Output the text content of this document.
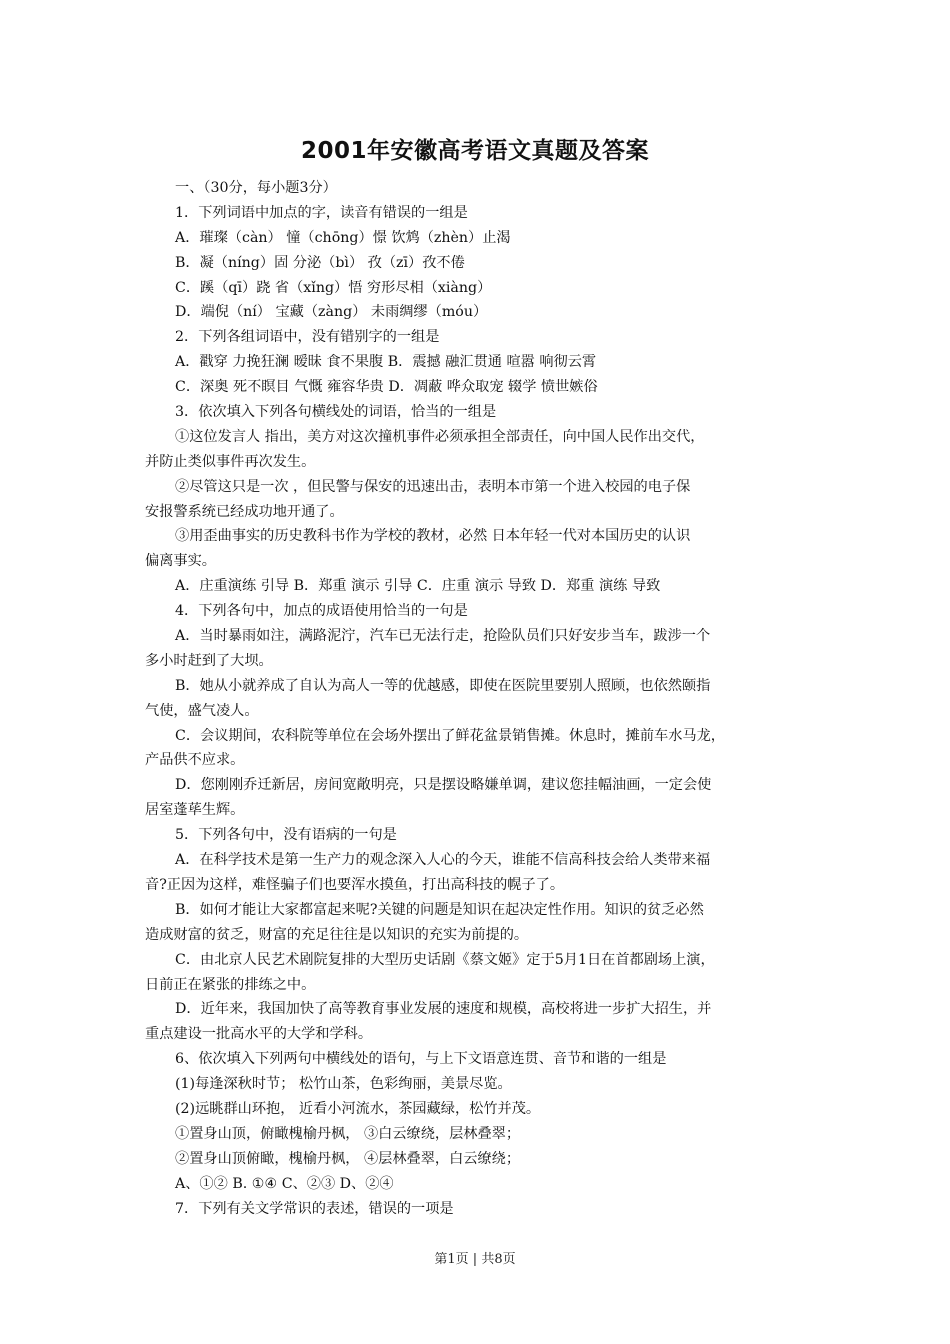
2001年安徽高考语文真题及答案
一、（30分，每小题3分）
1．下列词语中加点的字，读音有错误的一组是
A．璀璨（càn） 憧（chōng）憬 饮鸩（zhèn）止渴
B．凝（níng）固 分泌（bì） 孜（zī）孜不倦
C．蹊（qī）跷 省（xǐng）悟 穷形尽相（xiàng）
D．端倪（ní） 宝藏（zàng） 未雨绸缪（móu）
2．下列各组词语中，没有错别字的一组是
A．戳穿 力挽狂澜 暧昧 食不果腹 B．震撼 融汇贯通 喧嚣 响彻云霄
C．深奥 死不瞑目 气慨 雍容华贵 D．凋蔽 哗众取宠 辍学 愤世嫉俗
3．依次填入下列各句横线处的词语，恰当的一组是
①这位发言人 指出，美方对这次撞机事件必须承担全部责任，向中国人民作出交代，
并防止类似事件再次发生。
②尽管这只是一次 ，但民警与保安的迅速出击，表明本市第一个进入校园的电子保
安报警系统已经成功地开通了。
③用歪曲事实的历史教科书作为学校的教材，必然 日本年轻一代对本国历史的认识
偏离事实。
A．庄重演练 引导 B．郑重 演示 引导 C．庄重 演示 导致 D．郑重 演练 导致
4．下列各句中，加点的成语使用恰当的一句是
A．当时暴雨如注，满路泥泞，汽车已无法行走，抢险队员们只好安步当车，跋涉一个
多小时赶到了大坝。
B．她从小就养成了自认为高人一等的优越感，即使在医院里要别人照顾，也依然颐指
气使，盛气凌人。
C．会议期间，农科院等单位在会场外摆出了鲜花盆景销售摊。休息时，摊前车水马龙，
产品供不应求。
D．您刚刚乔迁新居，房间宽敞明亮，只是摆设略嫌单调，建议您挂幅油画，一定会使
居室蓬荜生辉。
5．下列各句中，没有语病的一句是
A．在科学技术是第一生产力的观念深入人心的今天，谁能不信高科技会给人类带来福
音?正因为这样，难怪骗子们也要浑水摸鱼，打出高科技的幌子了。
B．如何才能让大家都富起来呢?关键的问题是知识在起决定性作用。知识的贫乏必然
造成财富的贫乏，财富的充足往往是以知识的充实为前提的。
C．由北京人民艺术剧院复排的大型历史话剧《蔡文姬》定于5月1日在首都剧场上演，
日前正在紧张的排练之中。
D．近年来，我国加快了高等教育事业发展的速度和规模，高校将进一步扩大招生，并
重点建设一批高水平的大学和学科。
6、依次填入下列两句中横线处的语句，与上下文语意连贯、音节和谐的一组是
(1)每逢深秋时节； 松竹山茶，色彩绚丽，美景尽览。
(2)远眺群山环抱， 近看小河流水，茶园藏绿，松竹并茂。
①置身山顶，俯瞰槐榆丹枫， ③白云缭绕，层林叠翠；
②置身山顶俯瞰，槐榆丹枫， ④层林叠翠，白云缭绕；
A、①② B. ①④ C、②③ D、②④
7．下列有关文学常识的表述，错误的一项是
第1页 | 共8页
